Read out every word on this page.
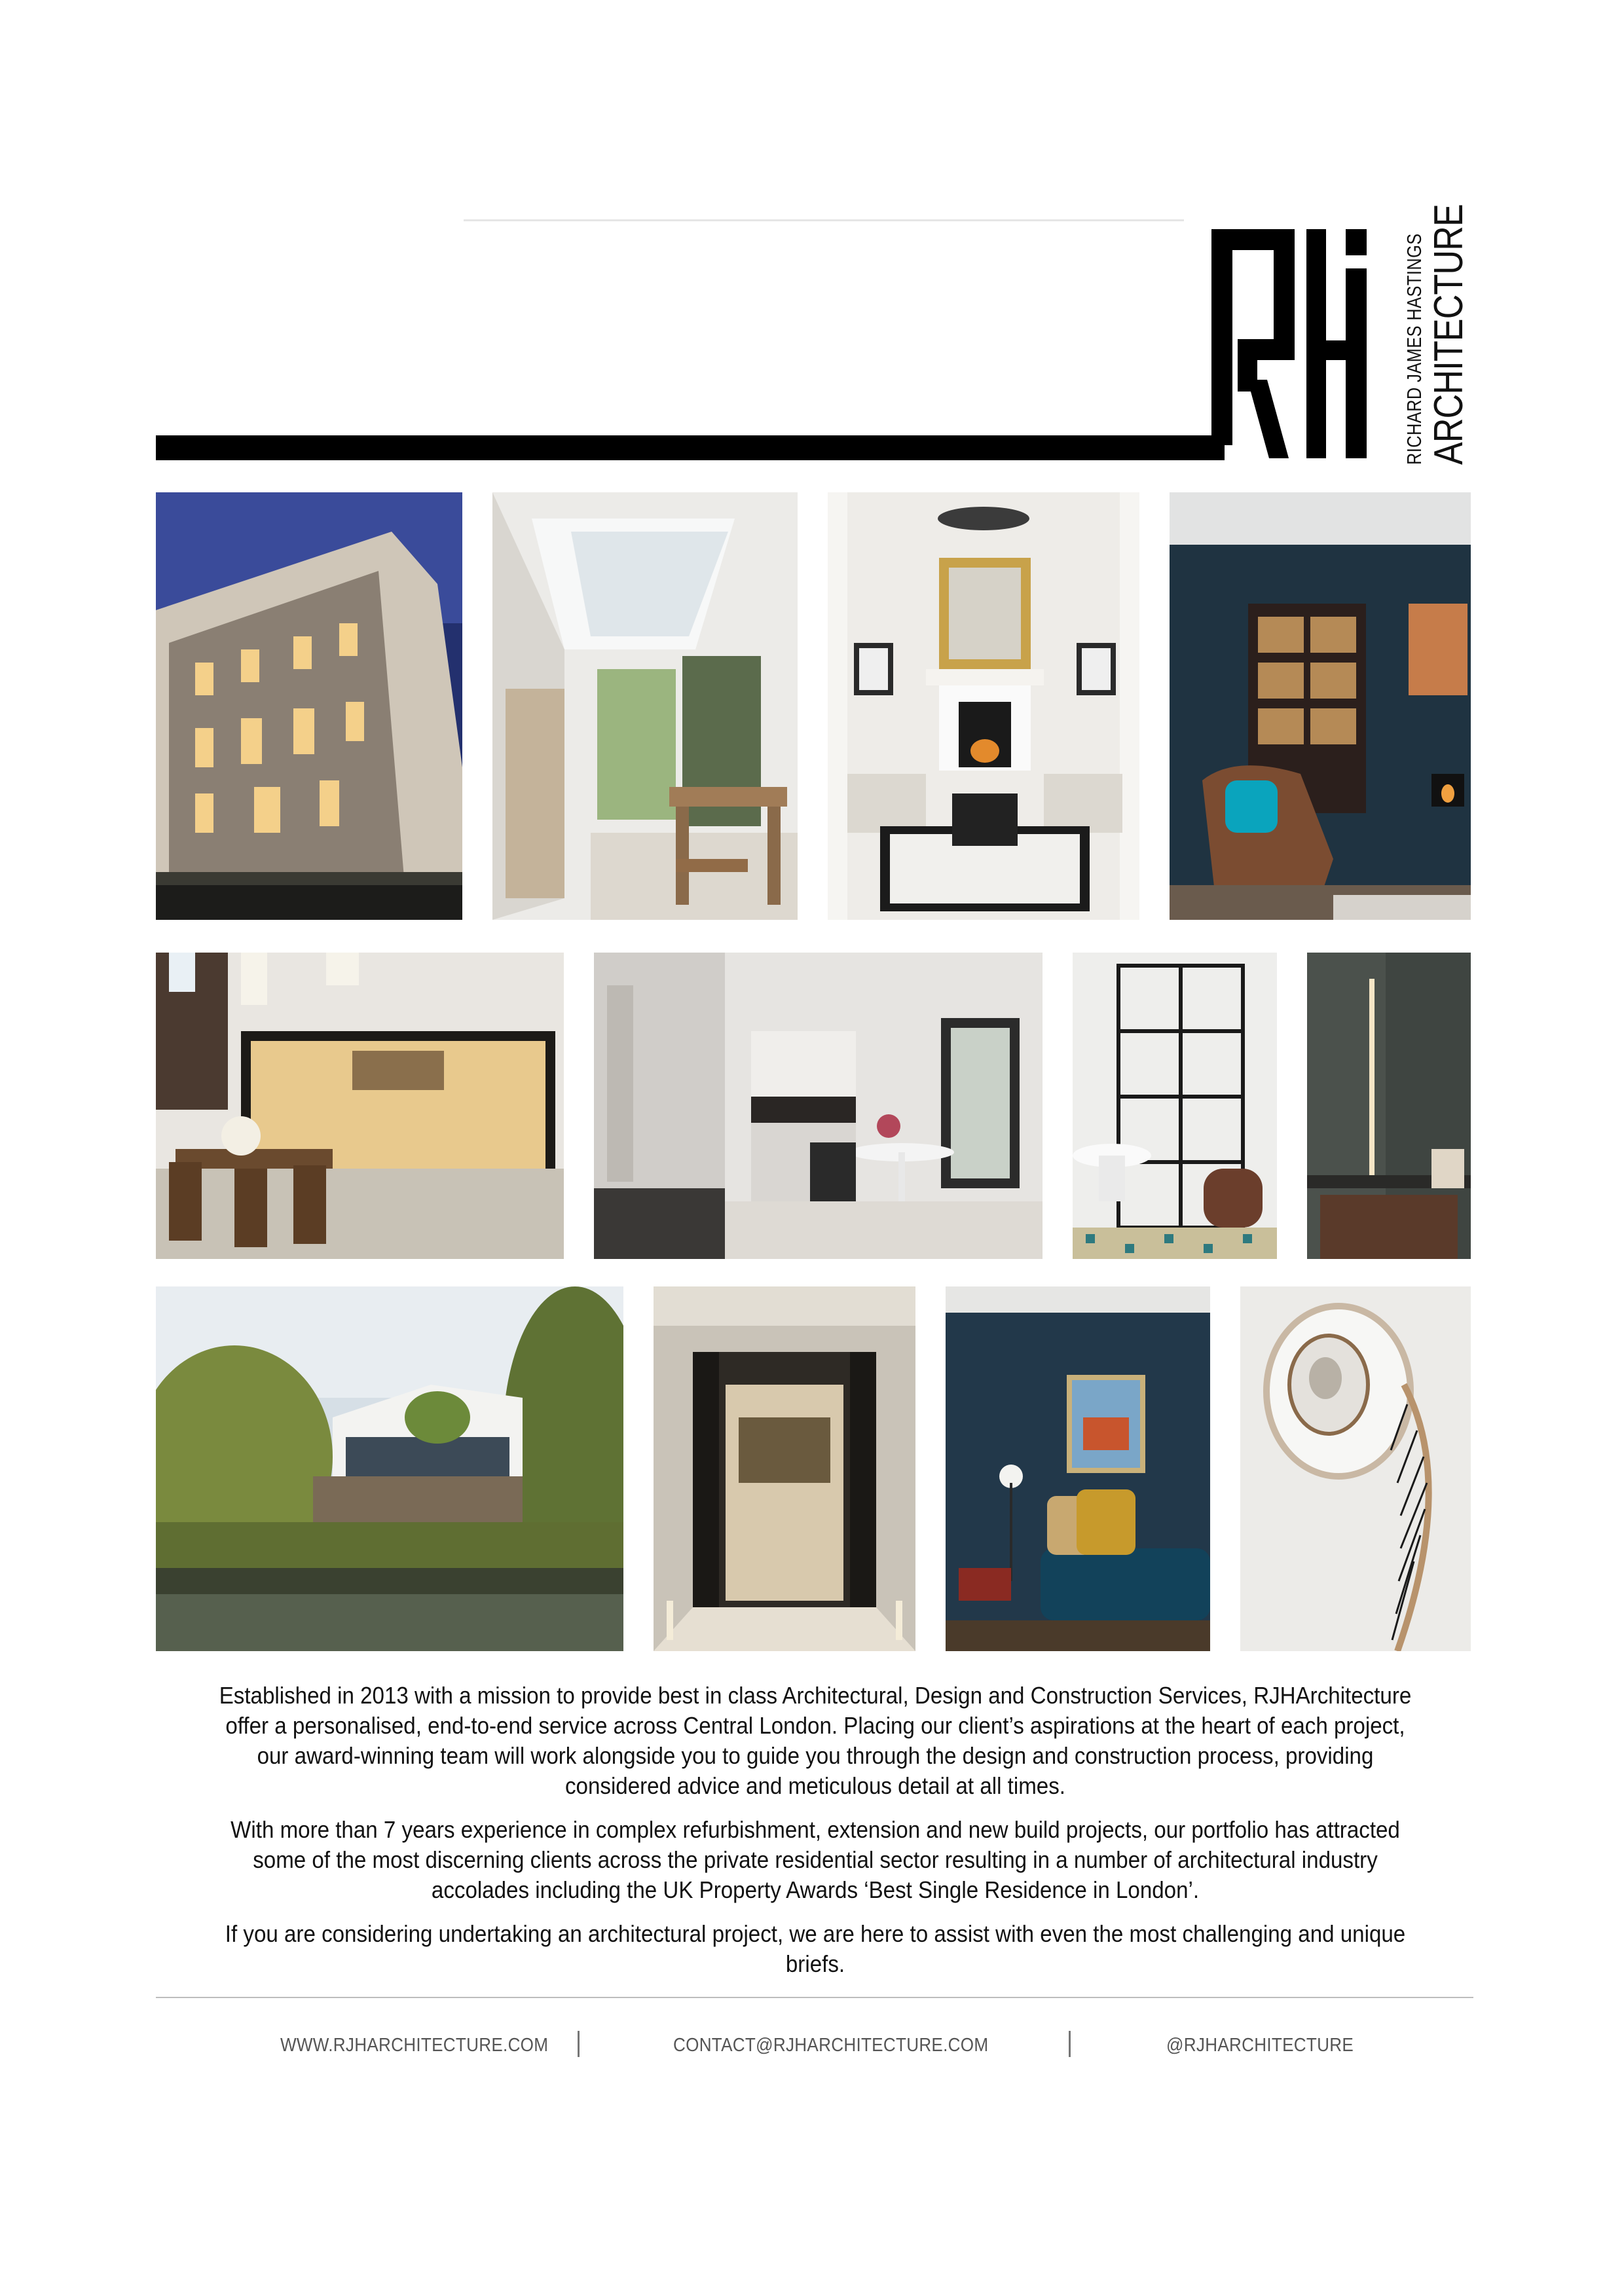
RICHARD JAMES HASTINGS ARCHITECTURE
Established in 2013 with a mission to provide best in class Architectural, Design and Construction Services, RJHArchitecture offer a personalised, end-to-end service across Central London. Placing our client’s aspirations at the heart of each project, our award-winning team will work alongside you to guide you through the design and construction process, providing considered advice and meticulous detail at all times.
With more than 7 years experience in complex refurbishment, extension and new build projects, our portfolio has attracted some of the most discerning clients across the private residential sector resulting in a number of architectural industry accolades including the UK Property Awards ‘Best Single Residence in London’.
If you are considering undertaking an architectural project, we are here to assist with even the most challenging and unique briefs.
WWW.RJHARCHITECTURE.COM	CONTACT@RJHARCHITECTURE.COM	@RJHARCHITECTURE
